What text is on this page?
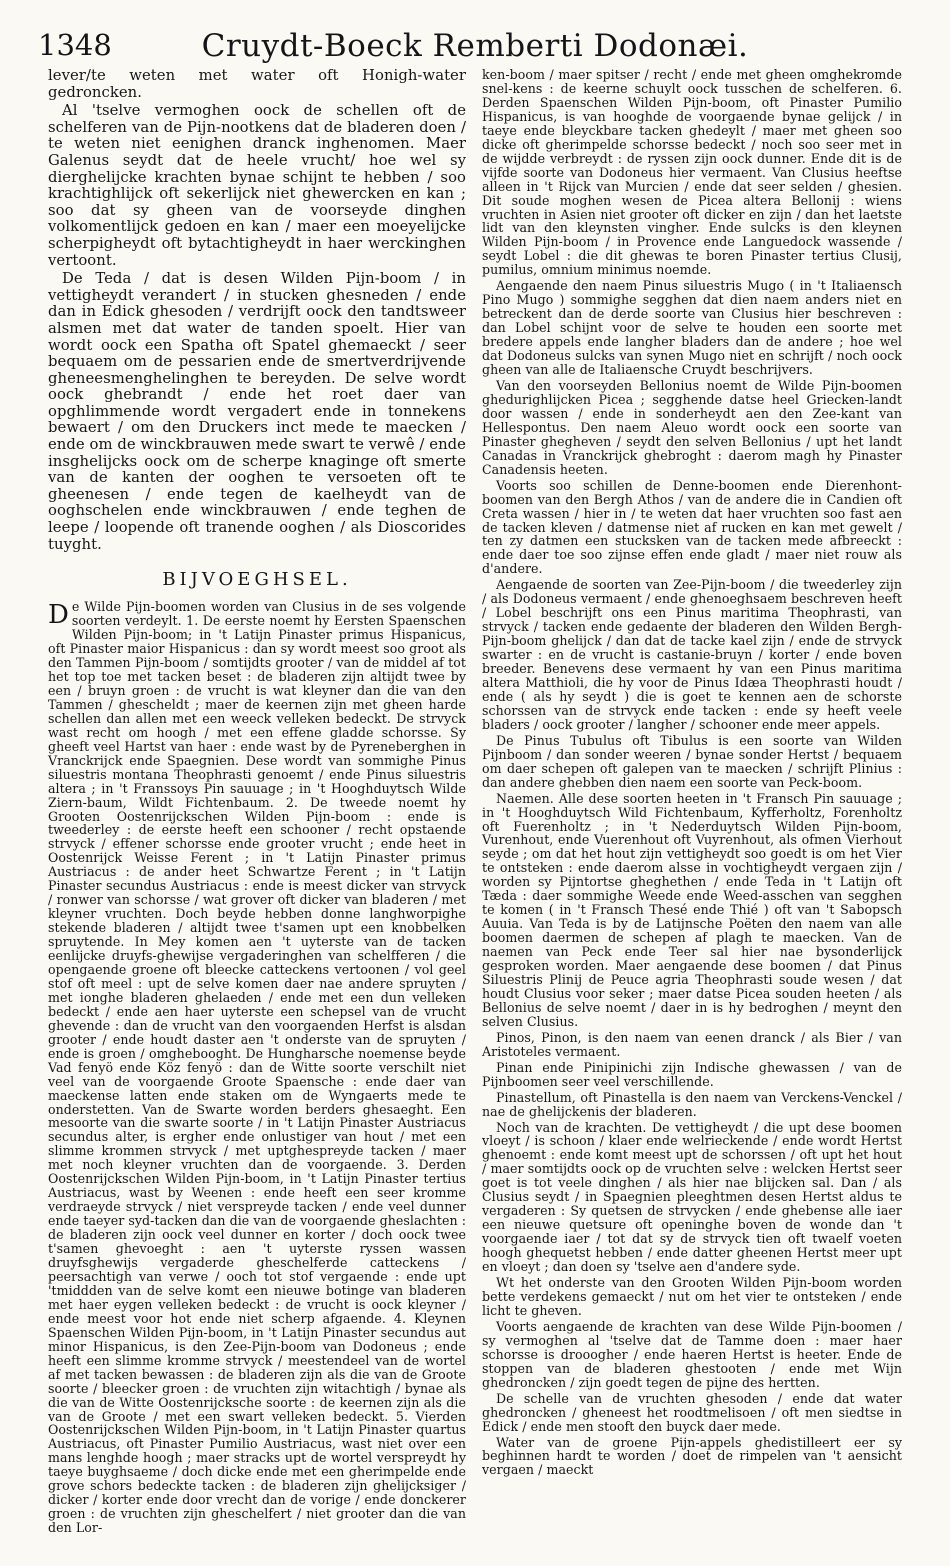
1348	Cruydt-Boeck Remberti Dodonæi.

lever/te weten met water oft Honigh-water gedroncken.

Al 'tselve vermoghen oock de schellen oft de schelferen van de Pijn-nootkens dat de bladeren doen / te weten niet eenighen dranck inghenomen. Maer Galenus seydt dat de heele vrucht/ hoe wel sy dierghelijcke krachten bynae schijnt te hebben / soo krachtighlijck oft sekerlijck niet ghewercken en kan ; soo dat sy gheen van de voorseyde dinghen volkomentlijck gedoen en kan / maer een moeyelijcke scherpigheydt oft bytachtigheydt in haer werckinghen vertoont.

De Teda / dat is desen Wilden Pijn-boom / in vettigheydt verandert / in stucken ghesneden / ende dan in Edick ghesoden / verdrijft oock den tandtsweer alsmen met dat water de tanden spoelt. Hier van wordt oock een Spatha oft Spatel ghemaeckt / seer bequaem om de pessarien ende de smertverdrijvende gheneesmenghelinghen te bereyden. De selve wordt oock ghebrandt / ende het roet daer van opghlimmende wordt vergadert ende in tonnekens bewaert / om den Druckers inct mede te maecken / ende om de winckbrauwen mede swart te verwê / ende insghelijcks oock om de scherpe knaginge oft smerte van de kanten der ooghen te versoeten oft te gheenesen / ende tegen de kaelheydt van de ooghschelen ende winckbrauwen / ende teghen de leepe / loopende oft tranende ooghen / als Dioscorides tuyght.

BIJVOEGHSEL.

De Wilde Pijn-boomen worden van Clusius in de ses volgende soorten verdeylt. 1. De eerste noemt hy Eersten Spaenschen Wilden Pijn-boom; in 't Latijn Pinaster primus Hispanicus, oft Pinaster maior Hispanicus : dan sy wordt meest soo groot als den Tammen Pijn-boom / somtijdts grooter / van de middel af tot het top toe met tacken beset : de bladeren zijn altijdt twee by een / bruyn groen : de vrucht is wat kleyner dan die van den Tammen / ghescheldt ; maer de keernen zijn met gheen harde schellen dan allen met een weeck velleken bedeckt. De strvyck wast recht om hoogh / met een effene gladde schorsse. Sy gheeft veel Hartst van haer : ende wast by de Pyreneberghen in Vranckrijck ende Spaegnien. Dese wordt van sommighe Pinus siluestris montana Theophrasti genoemt / ende Pinus siluestris altera ; in 't Franssoys Pin sauuage ; in 't Hooghduytsch Wilde Ziern-baum, Wildt Fichtenbaum. 2. De tweede noemt hy Grooten Oostenrijckschen Wilden Pijn-boom : ende is tweederley : de eerste heeft een schooner / recht opstaende strvyck / effener schorsse ende grooter vrucht ; ende heet in Oostenrijck Weisse Ferent ; in 't Latijn Pinaster primus Austriacus : de ander heet Schwartze Ferent ; in 't Latijn Pinaster secundus Austriacus : ende is meest dicker van strvyck / ronwer van schorsse / wat grover oft dicker van bladeren / met kleyner vruchten. Doch beyde hebben donne langhworpighe stekende bladeren / altijdt twee t'samen upt een knobbelken spruytende. In Mey komen aen 't uyterste van de tacken eenlijcke druyfs-ghewijse vergaderinghen van schelfferen / die opengaende groene oft bleecke catteckens vertoonen / vol geel stof oft meel : upt de selve komen daer nae andere spruyten / met ionghe bladeren ghelaeden / ende met een dun velleken bedeckt / ende aen haer uyterste een schepsel van de vrucht ghevende : dan de vrucht van den voorgaenden Herfst is alsdan grooter / ende houdt daster aen 't onderste van de spruyten / ende is groen / omghebooght. De Hungharsche noemense beyde Vad fenyö ende Köz fenyö : dan de Witte soorte verschilt niet veel van de voorgaende Groote Spaensche : ende daer van maeckense latten ende staken om de Wyngaerts mede te onderstetten. Van de Swarte worden berders ghesaeght. Een mesoorte van die swarte soorte / in 't Latijn Pinaster Austriacus secundus alter, is ergher ende onlustiger van hout / met een slimme krommen strvyck / met uptghespreyde tacken / maer met noch kleyner vruchten dan de voorgaende. 3. Derden Oostenrijckschen Wilden Pijn-boom, in 't Latijn Pinaster tertius Austriacus, wast by Weenen : ende heeft een seer kromme verdraeyde strvyck / niet verspreyde tacken / ende veel dunner ende taeyer syd-tacken dan die van de voorgaende gheslachten : de bladeren zijn oock veel dunner en korter / doch oock twee t'samen ghevoeght : aen 't uyterste ryssen wassen druyfsghewijs vergaderde gheschelferde catteckens / peersachtigh van verwe / ooch tot stof vergaende : ende upt 'tmiddden van de selve komt een nieuwe botinge van bladeren met haer eygen velleken bedeckt : de vrucht is oock kleyner / ende meest voor hot ende niet scherp afgaende. 4. Kleynen Spaenschen Wilden Pijn-boom, in 't Latijn Pinaster secundus aut minor Hispanicus, is den Zee-Pijn-boom van Dodoneus ; ende heeft een slimme kromme strvyck / meestendeel van de wortel af met tacken bewassen : de bladeren zijn als die van de Groote soorte / bleecker groen : de vruchten zijn witachtigh / bynae als die van de Witte Oostenrijcksche soorte : de keernen zijn als die van de Groote / met een swart velleken bedeckt. 5. Vierden Oostenrijckschen Wilden Pijn-boom, in 't Latijn Pinaster quartus Austriacus, oft Pinaster Pumilio Austriacus, wast niet over een mans lenghde hoogh ; maer stracks upt de wortel verspreydt hy taeye buyghsaeme / doch dicke ende met een gherimpelde ende grove schors bedeckte tacken : de bladeren zijn ghelijcksiger / dicker / korter ende door vrecht dan de vorige / ende donckerer groen : de vruchten zijn gheschelfert / niet grooter dan die van den Lor-

ken-boom / maer spitser / recht / ende met gheen omghekromde snel-kens : de keerne schuylt oock tusschen de schelferen. 6. Derden Spaenschen Wilden Pijn-boom, oft Pinaster Pumilio Hispanicus, is van hooghde de voorgaende bynae gelijck / in taeye ende bleyckbare tacken ghedeylt / maer met gheen soo dicke oft gherimpelde schorsse bedeckt / noch soo seer met in de wijdde verbreydt : de ryssen zijn oock dunner. Ende dit is de vijfde soorte van Dodoneus hier vermaent. Van Clusius heeftse alleen in 't Rijck van Murcien / ende dat seer selden / ghesien. Dit soude moghen wesen de Picea altera Bellonij : wiens vruchten in Asien niet grooter oft dicker en zijn / dan het laetste lidt van den kleynsten vingher. Ende sulcks is den kleynen Wilden Pijn-boom / in Provence ende Languedock wassende / seydt Lobel : die dit ghewas te boren Pinaster tertius Clusij, pumilus, omnium minimus noemde.

Aengaende den naem Pinus siluestris Mugo ( in 't Italiaensch Pino Mugo ) sommighe segghen dat dien naem anders niet en betreckent dan de derde soorte van Clusius hier beschreven : dan Lobel schijnt voor de selve te houden een soorte met bredere appels ende langher bladers dan de andere ; hoe wel dat Dodoneus sulcks van synen Mugo niet en schrijft / noch oock gheen van alle de Italiaensche Cruydt beschrijvers.

Van den voorseyden Bellonius noemt de Wilde Pijn-boomen ghedurighlijcken Picea ; segghende datse heel Griecken-landt door wassen / ende in sonderheydt aen den Zee-kant van Hellespontus. Den naem Aleuo wordt oock een soorte van Pinaster ghegheven / seydt den selven Bellonius / upt het landt Canadas in Vranckrijck ghebroght : daerom magh hy Pinaster Canadensis heeten.

Voorts soo schillen de Denne-boomen ende Dierenhont-boomen van den Bergh Athos / van de andere die in Candien oft Creta wassen / hier in / te weten dat haer vruchten soo fast aen de tacken kleven / datmense niet af rucken en kan met gewelt / ten zy datmen een stucksken van de tacken mede afbreeckt : ende daer toe soo zijnse effen ende gladt / maer niet rouw als d'andere.

Aengaende de soorten van Zee-Pijn-boom / die tweederley zijn / als Dodoneus vermaent / ende ghenoeghsaem beschreven heeft / Lobel beschrijft ons een Pinus maritima Theophrasti, van strvyck / tacken ende gedaente der bladeren den Wilden Bergh-Pijn-boom ghelijck / dan dat de tacke kael zijn / ende de strvyck swarter : en de vrucht is castanie-bruyn / korter / ende boven breeder. Benevens dese vermaent hy van een Pinus maritima altera Matthioli, die hy voor de Pinus Idæa Theophrasti houdt / ende ( als hy seydt ) die is goet te kennen aen de schorste schorssen van de strvyck ende tacken : ende sy heeft veele bladers / oock grooter / langher / schooner ende meer appels.

De Pinus Tubulus oft Tibulus is een soorte van Wilden Pijnboom / dan sonder weeren / bynae sonder Hertst / bequaem om daer schepen oft galepen van te maecken / schrijft Plinius : dan andere ghebben dien naem een soorte van Peck-boom.

Naemen. Alle dese soorten heeten in 't Fransch Pin sauuage ; in 't Hooghduytsch Wild Fichtenbaum, Kyfferholtz, Forenholtz oft Fuerenholtz ; in 't Nederduytsch Wilden Pijn-boom, Vurenhout, ende Vuerenhout oft Vuyrenhout, als ofmen Vierhout seyde ; om dat het hout zijn vettigheydt soo goedt is om het Vier te ontsteken : ende daerom alsse in vochtigheydt vergaen zijn / worden sy Pijntortse gheghethen / ende Teda in 't Latijn oft Tæda : daer sommighe Weede ende Weed-asschen van segghen te komen ( in 't Fransch Thesé ende Thié ) oft van 't Sabopsch Auuia. Van Teda is by de Latijnsche Poëten den naem van alle boomen daermen de schepen af plagh te maecken. Van de naemen van Peck ende Teer sal hier nae bysonderlijck gesproken worden. Maer aengaende dese boomen / dat Pinus Siluestris Plinij de Peuce agria Theophrasti soude wesen / dat houdt Clusius voor seker ; maer datse Picea souden heeten / als Bellonius de selve noemt / daer in is hy bedroghen / meynt den selven Clusius.

Pinos, Pinon, is den naem van eenen dranck / als Bier / van Aristoteles vermaent.

Pinan ende Pinipinichi zijn Indische ghewassen / van de Pijnboomen seer veel verschillende.

Pinastellum, oft Pinastella is den naem van Verckens-Venckel / nae de ghelijckenis der bladeren.

Noch van de krachten. De vettigheydt / die upt dese boomen vloeyt / is schoon / klaer ende welrieckende / ende wordt Hertst ghenoemt : ende komt meest upt de schorssen / oft upt het hout / maer somtijdts oock op de vruchten selve : welcken Hertst seer goet is tot veele dinghen / als hier nae blijcken sal. Dan / als Clusius seydt / in Spaegnien pleeghtmen desen Hertst aldus te vergaderen : Sy quetsen de strvycken / ende ghebense alle iaer een nieuwe quetsure oft openinghe boven de wonde dan 't voorgaende iaer / tot dat sy de strvyck tien oft twaelf voeten hoogh ghequetst hebben / ende datter gheenen Hertst meer upt en vloeyt ; dan doen sy 'tselve aen d'andere syde.

Wt het onderste van den Grooten Wilden Pijn-boom worden bette verdekens gemaeckt / nut om het vier te ontsteken / ende licht te gheven.

Voorts aengaende de krachten van dese Wilde Pijn-boomen / sy vermoghen al 'tselve dat de Tamme doen : maer haer schorsse is drooogher / ende haeren Hertst is heeter. Ende de stoppen van de bladeren ghestooten / ende met Wijn ghedroncken / zijn goedt tegen de pijne des hertten.

De schelle van de vruchten ghesoden / ende dat water ghedroncken / gheneest het roodtmelisoen / oft men siedtse in Edick / ende men stooft den buyck daer mede.

Water van de groene Pijn-appels ghedistilleert eer sy beghinnen hardt te worden / doet de rimpelen van 't aensicht vergaen / maeckt
